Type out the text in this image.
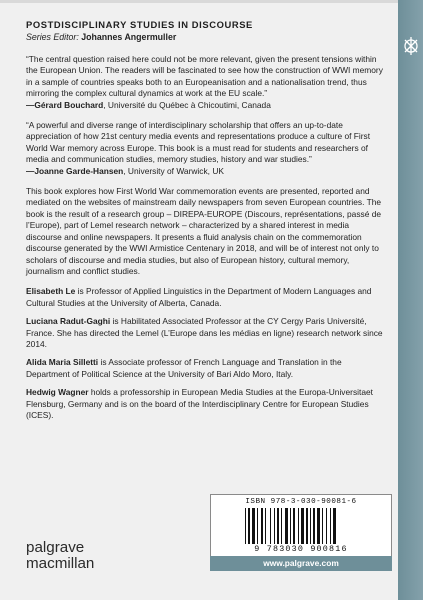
POSTDISCIPLINARY STUDIES IN DISCOURSE
Series Editor: Johannes Angermuller
“The central question raised here could not be more relevant, given the present tensions within the European Union. The readers will be fascinated to see how the construction of WWI memory in a sample of countries speaks both to an Europeanisation and a nationalisation trend, thus mirroring the complex cultural dynamics at work at the EU scale.”
—Gérard Bouchard, Université du Québec à Chicoutimi, Canada
“A powerful and diverse range of interdisciplinary scholarship that offers an up-to-date appreciation of how 21st century media events and representations produce a culture of First World War memory across Europe. This book is a must read for students and researchers of media and communication studies, memory studies, history and war studies.”
—Joanne Garde-Hansen, University of Warwick, UK
This book explores how First World War commemoration events are presented, reported and mediated on the websites of mainstream daily newspapers from seven European countries. The book is the result of a research group – DIREPA-EUROPE (Discours, représentations, passé de l’Europe), part of Lemel research network – characterized by a shared interest in media discourse and online newspapers. It presents a fluid analysis chain on the commemoration discourse generated by the WWI Armistice Centenary in 2018, and will be of interest not only to scholars of discourse and media studies, but also of European history, cultural memory, journalism and conflict studies.
Elisabeth Le is Professor of Applied Linguistics in the Department of Modern Languages and Cultural Studies at the University of Alberta, Canada.
Luciana Radut-Gaghi is Habilitated Associated Professor at the CY Cergy Paris Université, France. She has directed the Lemel (L’Europe dans les médias en ligne) research network since 2014.
Alida Maria Silletti is Associate professor of French Language and Translation in the Department of Political Science at the University of Bari Aldo Moro, Italy.
Hedwig Wagner holds a professorship in European Media Studies at the Europa-Universitaet Flensburg, Germany and is on the board of the Interdisciplinary Centre for European Studies (ICES).
ISBN 978-3-030-90081-6
9 783030 900816
www.palgrave.com
palgrave
macmillan
